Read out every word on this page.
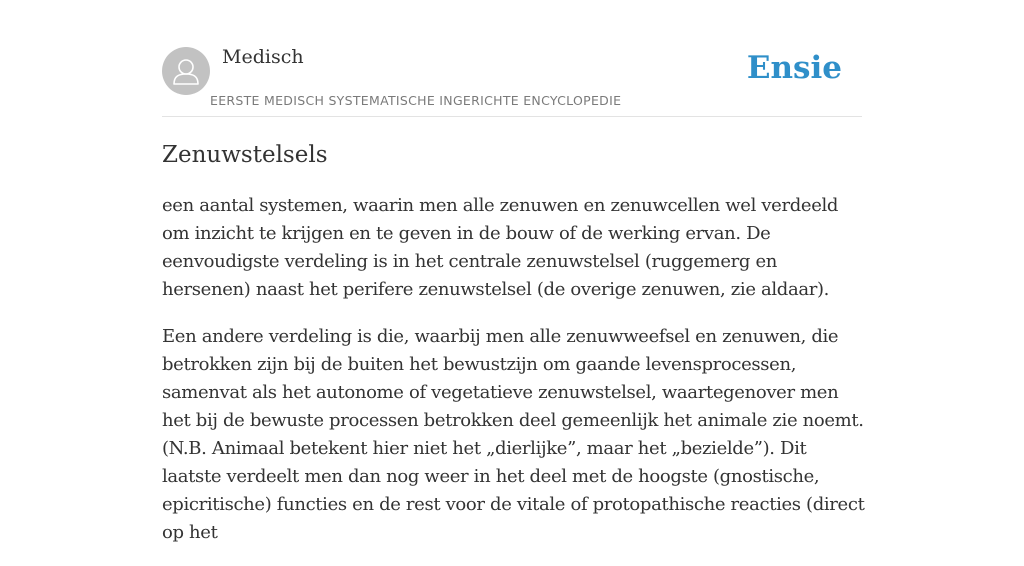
Medisch
EERSTE MEDISCH SYSTEMATISCHE INGERICHTE ENCYCLOPEDIE
Ensie
Zenuwstelsels

een aantal systemen, waarin men alle zenuwen en zenuwcellen wel verdeeld om inzicht te krijgen en te geven in de bouw of de werking ervan. De eenvoudigste verdeling is in het centrale zenuwstelsel (ruggemerg en hersenen) naast het perifere zenuwstelsel (de overige zenuwen, zie aldaar).

Een andere verdeling is die, waarbij men alle zenuwweefsel en zenuwen, die betrokken zijn bij de buiten het bewustzijn om gaande levensprocessen, samenvat als het autonome of vegetatieve zenuwstelsel, waartegenover men het bij de bewuste processen betrokken deel gemeenlijk het animale zie noemt. (N.B. Animaal betekent hier niet het „dierlijke”, maar het „bezielde”). Dit laatste verdeelt men dan nog weer in het deel met de hoogste (gnostische, epicritische) functies en de rest voor de vitale of protopathische reacties (direct op het
